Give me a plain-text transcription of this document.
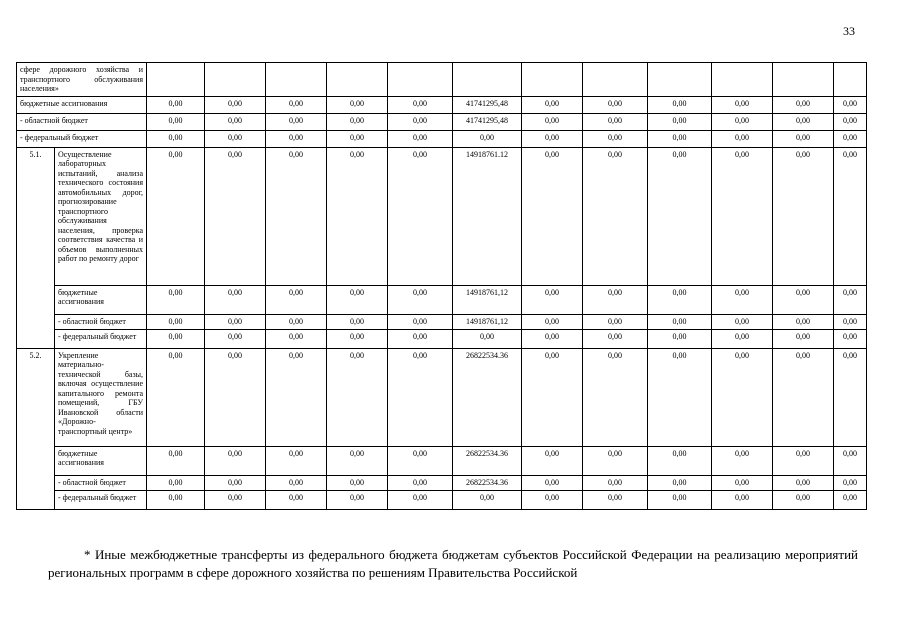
33
сфере дорожного хозяйства и транспортного обслуживания населения»														
бюджетные ассигнования		0,00	0,00	0,00	0,00	0,00	41741295,48	0,00	0,00	0,00	0,00	0,00	0,00	
- областной бюджет		0,00	0,00	0,00	0,00	0,00	41741295,48	0,00	0,00	0,00	0,00	0,00	0,00	
- федеральный бюджет		0,00	0,00	0,00	0,00	0,00	0,00	0,00	0,00	0,00	0,00	0,00	0,00	
5.1.	Осуществление лабораторных испытаний, анализа технического состояния автомобильных дорог, прогнозирование транспортного обслуживания населения, проверка соответствия качества и объемов выполненных работ по ремонту дорог	0,00	0,00	0,00	0,00	0,00	14918761.12	0,00	0,00	0,00	0,00	0,00	0,00	
	бюджетные ассигнования	0,00	0,00	0,00	0,00	0,00	14918761,12	0,00	0,00	0,00	0,00	0,00	0,00	
	- областной бюджет	0,00	0,00	0,00	0,00	0,00	14918761,12	0,00	0,00	0,00	0,00	0,00	0,00	
	- федеральный бюджет	0,00	0,00	0,00	0,00	0,00	0,00	0,00	0,00	0,00	0,00	0,00	0,00	
5.2.	Укрепление материально-технической базы, включая осуществление капитального ремонта помещений, ГБУ Ивановской области «Дорожно-транспортный центр»	0,00	0,00	0,00	0,00	0,00	26822534.36	0,00	0,00	0,00	0,00	0,00	0,00	
	бюджетные ассигнования	0,00	0,00	0,00	0,00	0,00	26822534.36	0,00	0,00	0,00	0,00	0,00	0,00	
	- областной бюджет	0,00	0,00	0,00	0,00	0,00	26822534.36	0,00	0,00	0,00	0,00	0,00	0,00	
	- федеральный бюджет	0,00	0,00	0,00	0,00	0,00	0,00	0,00	0,00	0,00	0,00	0,00	0,00	
* Иные межбюджетные трансферты из федерального бюджета бюджетам субъектов Российской Федерации на реализацию мероприятий региональных программ в сфере дорожного хозяйства по решениям Правительства Российской
